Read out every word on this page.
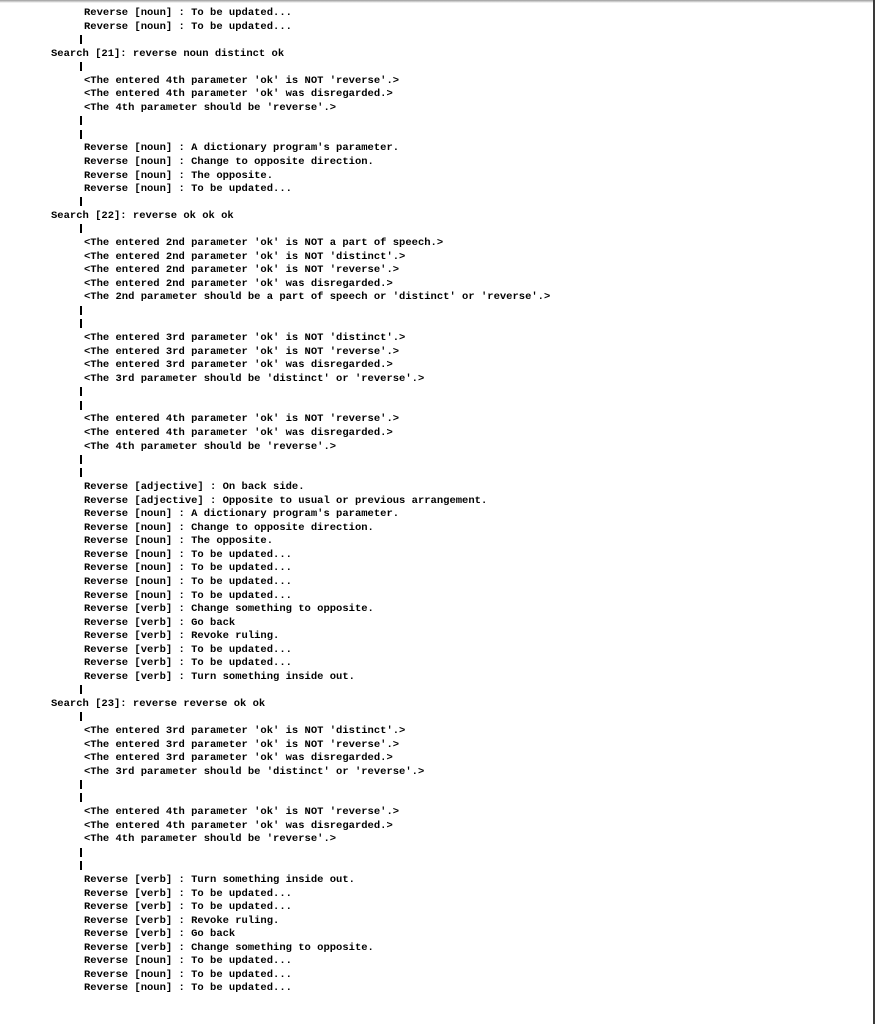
Reverse [noun] : To be updated...
Reverse [noun] : To be updated...
Search [21]: reverse noun distinct ok
<The entered 4th parameter 'ok' is NOT 'reverse'.>
<The entered 4th parameter 'ok' was disregarded.>
<The 4th parameter should be 'reverse'.>
Reverse [noun] : A dictionary program's parameter.
Reverse [noun] : Change to opposite direction.
Reverse [noun] : The opposite.
Reverse [noun] : To be updated...
Search [22]: reverse ok ok ok
<The entered 2nd parameter 'ok' is NOT a part of speech.>
<The entered 2nd parameter 'ok' is NOT 'distinct'.>
<The entered 2nd parameter 'ok' is NOT 'reverse'.>
<The entered 2nd parameter 'ok' was disregarded.>
<The 2nd parameter should be a part of speech or 'distinct' or 'reverse'.>
<The entered 3rd parameter 'ok' is NOT 'distinct'.>
<The entered 3rd parameter 'ok' is NOT 'reverse'.>
<The entered 3rd parameter 'ok' was disregarded.>
<The 3rd parameter should be 'distinct' or 'reverse'.>
<The entered 4th parameter 'ok' is NOT 'reverse'.>
<The entered 4th parameter 'ok' was disregarded.>
<The 4th parameter should be 'reverse'.>
Reverse [adjective] : On back side.
Reverse [adjective] : Opposite to usual or previous arrangement.
Reverse [noun] : A dictionary program's parameter.
Reverse [noun] : Change to opposite direction.
Reverse [noun] : The opposite.
Reverse [noun] : To be updated...
Reverse [noun] : To be updated...
Reverse [noun] : To be updated...
Reverse [noun] : To be updated...
Reverse [verb] : Change something to opposite.
Reverse [verb] : Go back
Reverse [verb] : Revoke ruling.
Reverse [verb] : To be updated...
Reverse [verb] : To be updated...
Reverse [verb] : Turn something inside out.
Search [23]: reverse reverse ok ok
<The entered 3rd parameter 'ok' is NOT 'distinct'.>
<The entered 3rd parameter 'ok' is NOT 'reverse'.>
<The entered 3rd parameter 'ok' was disregarded.>
<The 3rd parameter should be 'distinct' or 'reverse'.>
<The entered 4th parameter 'ok' is NOT 'reverse'.>
<The entered 4th parameter 'ok' was disregarded.>
<The 4th parameter should be 'reverse'.>
Reverse [verb] : Turn something inside out.
Reverse [verb] : To be updated...
Reverse [verb] : To be updated...
Reverse [verb] : Revoke ruling.
Reverse [verb] : Go back
Reverse [verb] : Change something to opposite.
Reverse [noun] : To be updated...
Reverse [noun] : To be updated...
Reverse [noun] : To be updated...
